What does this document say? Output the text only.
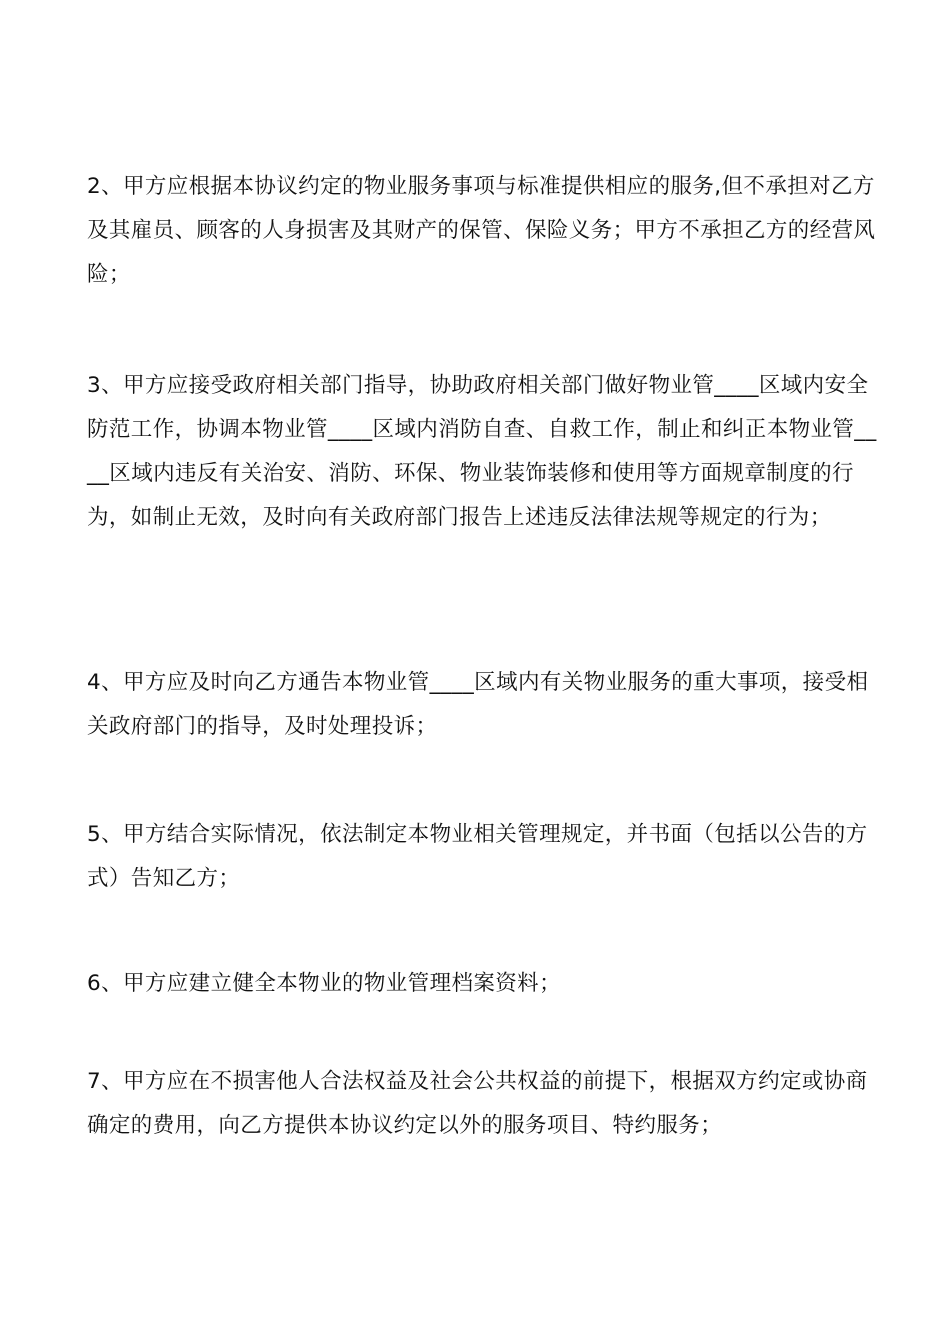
2、甲方应根据本协议约定的物业服务事项与标准提供相应的服务,但不承担对乙方及其雇员、顾客的人身损害及其财产的保管、保险义务；甲方不承担乙方的经营风险；

3、甲方应接受政府相关部门指导，协助政府相关部门做好物业管____区域内安全防范工作，协调本物业管____区域内消防自查、自救工作，制止和纠正本物业管____区域内违反有关治安、消防、环保、物业装饰装修和使用等方面规章制度的行为，如制止无效，及时向有关政府部门报告上述违反法律法规等规定的行为；

4、甲方应及时向乙方通告本物业管____区域内有关物业服务的重大事项，接受相关政府部门的指导，及时处理投诉；

5、甲方结合实际情况，依法制定本物业相关管理规定，并书面（包括以公告的方式）告知乙方；

6、甲方应建立健全本物业的物业管理档案资料；

7、甲方应在不损害他人合法权益及社会公共权益的前提下，根据双方约定或协商确定的费用，向乙方提供本协议约定以外的服务项目、特约服务；
